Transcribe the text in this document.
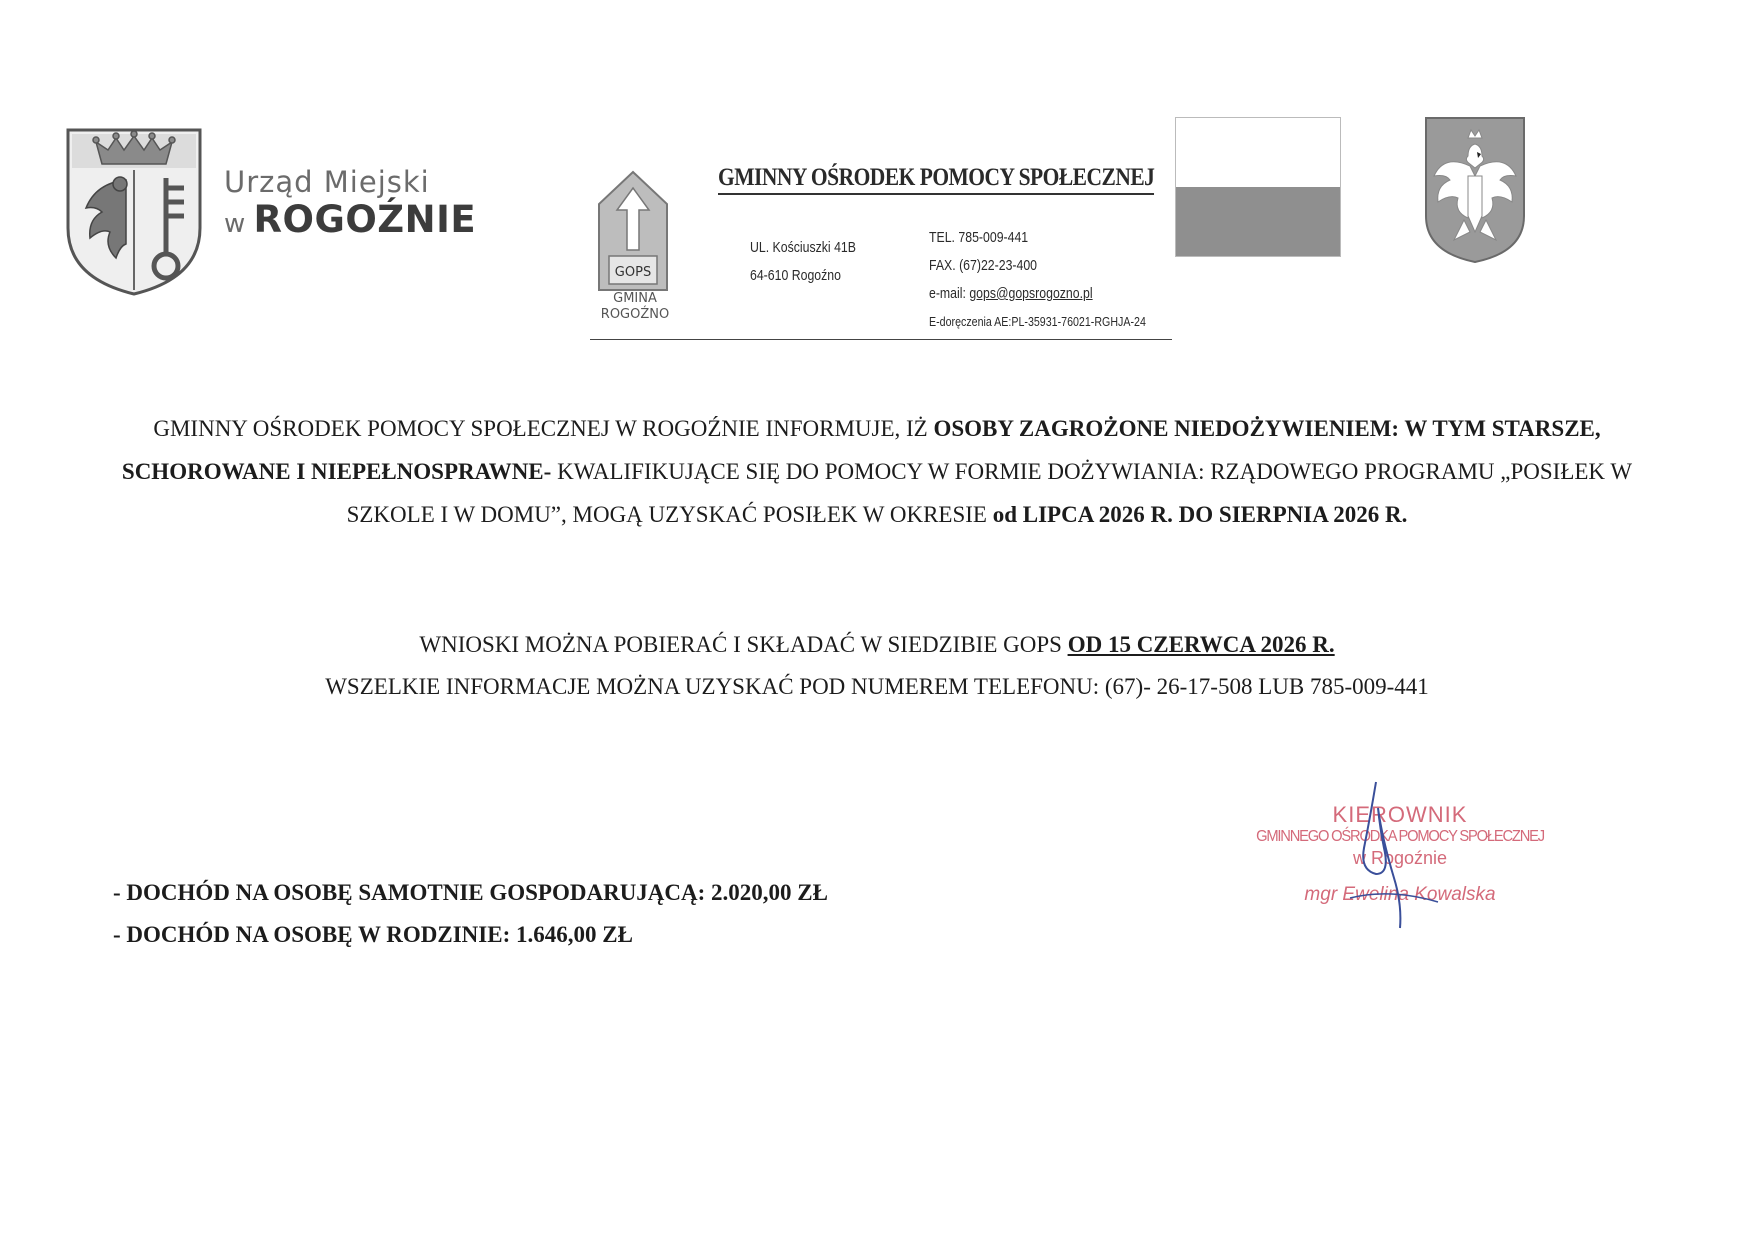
Urząd Miejski
w ROGOŹNIE
GOPS
GMINA
ROGOŹNO
GMINNY OŚRODEK POMOCY SPOŁECZNEJ
UL. Kościuszki 41B
64-610 Rogoźno
TEL. 785-009-441
FAX. (67)22-23-400
e-mail: gops@gopsrogozno.pl
E-doręczenia AE:PL-35931-76021-RGHJA-24
GMINNY OŚRODEK POMOCY SPOŁECZNEJ W ROGOŹNIE INFORMUJE, IŻ OSOBY ZAGROŻONE NIEDOŻYWIENIEM: W TYM STARSZE, SCHOROWANE I NIEPEŁNOSPRAWNE- KWALIFIKUJĄCE SIĘ DO POMOCY W FORMIE DOŻYWIANIA: RZĄDOWEGO PROGRAMU „POSIŁEK W SZKOLE I W DOMU”, MOGĄ UZYSKAĆ POSIŁEK W OKRESIE od LIPCA 2026 R. DO SIERPNIA 2026 R.
WNIOSKI MOŻNA POBIERAĆ I SKŁADAĆ W SIEDZIBIE GOPS OD 15 CZERWCA 2026 R.
WSZELKIE INFORMACJE MOŻNA UZYSKAĆ POD NUMEREM TELEFONU: (67)- 26-17-508 LUB 785-009-441
- DOCHÓD NA OSOBĘ SAMOTNIE GOSPODARUJĄCĄ: 2.020,00 ZŁ
- DOCHÓD NA OSOBĘ W RODZINIE: 1.646,00 ZŁ
KIEROWNIK
GMINNEGO OŚRODKA POMOCY SPOŁECZNEJ
w Rogoźnie
mgr Ewelina Kowalska
